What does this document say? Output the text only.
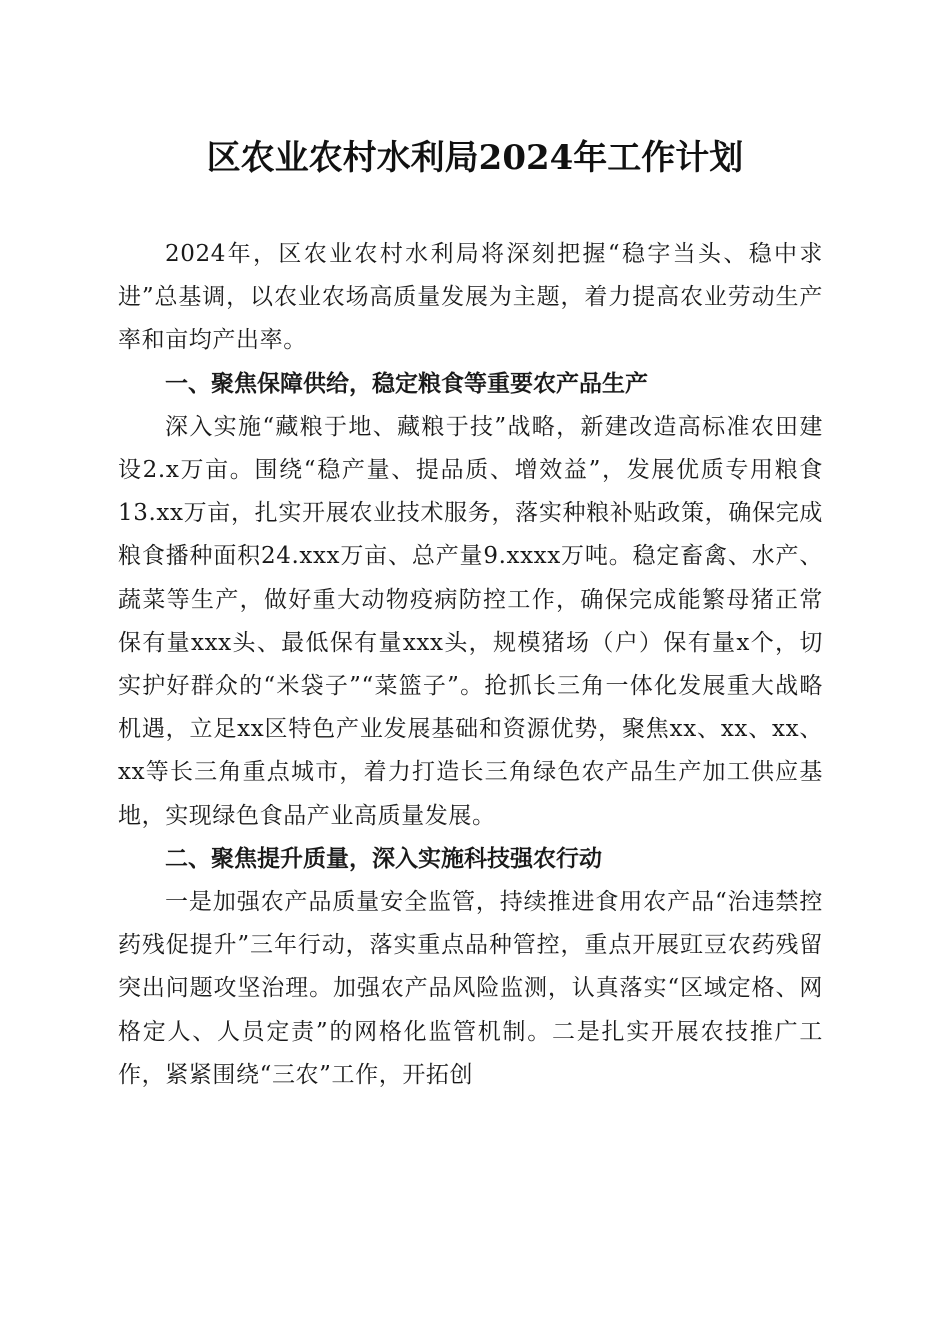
区农业农村水利局2024年工作计划

2024年，区农业农村水利局将深刻把握“稳字当头、稳中求进”总基调，以农业农场高质量发展为主题，着力提高农业劳动生产率和亩均产出率。

一、聚焦保障供给，稳定粮食等重要农产品生产

深入实施“藏粮于地、藏粮于技”战略，新建改造高标准农田建设2.x万亩。围绕“稳产量、提品质、增效益”，发展优质专用粮食13.xx万亩，扎实开展农业技术服务，落实种粮补贴政策，确保完成粮食播种面积24.xxx万亩、总产量9.xxxx万吨。稳定畜禽、水产、蔬菜等生产，做好重大动物疫病防控工作，确保完成能繁母猪正常保有量xxx头、最低保有量xxx头，规模猪场（户）保有量x个，切实护好群众的“米袋子”“菜篮子”。抢抓长三角一体化发展重大战略机遇，立足xx区特色产业发展基础和资源优势，聚焦xx、xx、xx、xx等长三角重点城市，着力打造长三角绿色农产品生产加工供应基地，实现绿色食品产业高质量发展。

二、聚焦提升质量，深入实施科技强农行动

一是加强农产品质量安全监管，持续推进食用农产品“治违禁控药残促提升”三年行动，落实重点品种管控，重点开展豇豆农药残留突出问题攻坚治理。加强农产品风险监测，认真落实“区域定格、网格定人、人员定责”的网格化监管机制。二是扎实开展农技推广工作，紧紧围绕“三农”工作，开拓创
